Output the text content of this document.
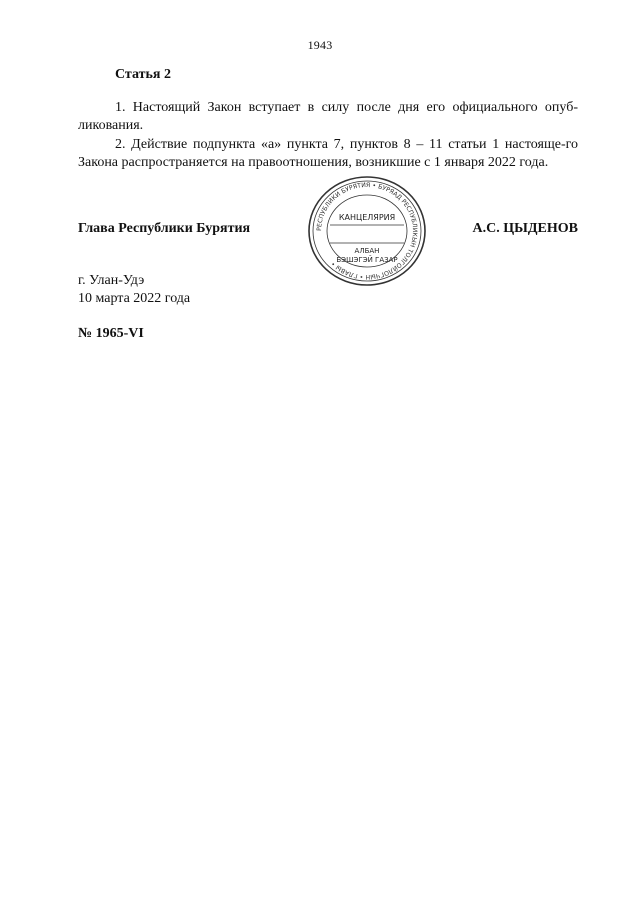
1943
Статья 2

1. Настоящий Закон вступает в силу после дня его официального опуб-ликования.

2. Действие подпункта «а» пункта 7, пунктов 8 – 11 статьи 1 настояще-го Закона распространяется на правоотношения, возникшие с 1 января 2022 года.

Глава Республики Бурятия	РЕСПУБЛИКИ БУРЯТИЯ • БУРЯАД РЕСПУБЛИКЫН ТОЛГОЙЛОГЧЫН • ГЛАВЫ •
КАНЦЕЛЯРИЯ
АЛБАН
БЭШЭГЭЙ ГАЗАР
А.С. ЦЫДЕНОВ
г. Улан-Удэ
10 марта 2022 года
№ 1965-VI
